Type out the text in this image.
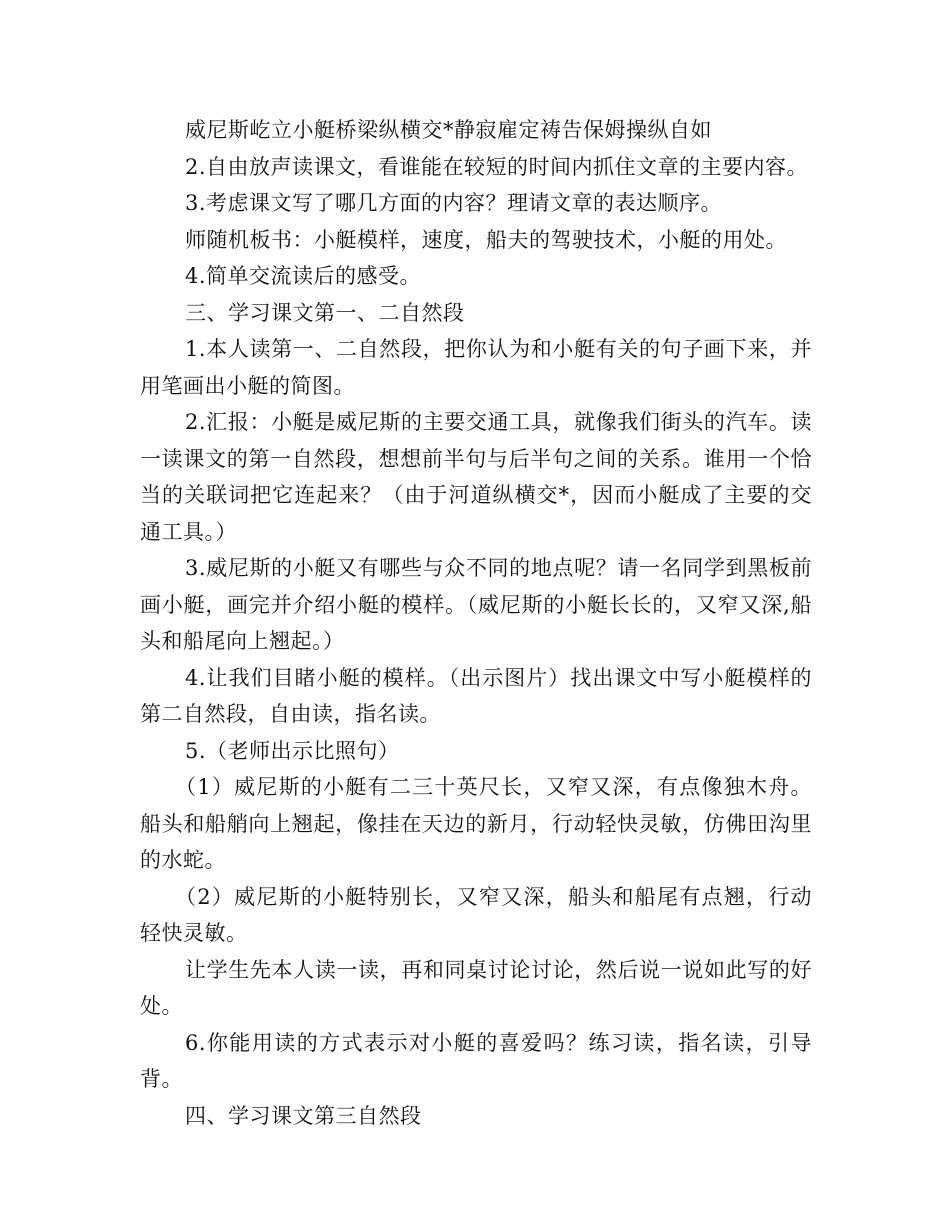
威尼斯屹立小艇桥梁纵横交*静寂雇定祷告保姆操纵自如

2.自由放声读课文，看谁能在较短的时间内抓住文章的主要内容。

3.考虑课文写了哪几方面的内容？理请文章的表达顺序。

师随机板书：小艇模样，速度，船夫的驾驶技术，小艇的用处。

4.简单交流读后的感受。

三、学习课文第一、二自然段

1.本人读第一、二自然段，把你认为和小艇有关的句子画下来，并用笔画出小艇的简图。

2.汇报：小艇是威尼斯的主要交通工具，就像我们街头的汽车。读一读课文的第一自然段，想想前半句与后半句之间的关系。谁用一个恰当的关联词把它连起来？（由于河道纵横交*，因而小艇成了主要的交通工具。）

3.威尼斯的小艇又有哪些与众不同的地点呢？请一名同学到黑板前画小艇，画完并介绍小艇的模样。（威尼斯的小艇长长的，又窄又深,船头和船尾向上翘起。）

4.让我们目睹小艇的模样。（出示图片）找出课文中写小艇模样的第二自然段，自由读，指名读。

5.（老师出示比照句）

（1）威尼斯的小艇有二三十英尺长，又窄又深，有点像独木舟。船头和船艄向上翘起，像挂在天边的新月，行动轻快灵敏，仿佛田沟里的水蛇。

（2）威尼斯的小艇特别长，又窄又深，船头和船尾有点翘，行动轻快灵敏。

让学生先本人读一读，再和同桌讨论讨论，然后说一说如此写的好处。

6.你能用读的方式表示对小艇的喜爱吗？练习读，指名读，引导背。

四、学习课文第三自然段
